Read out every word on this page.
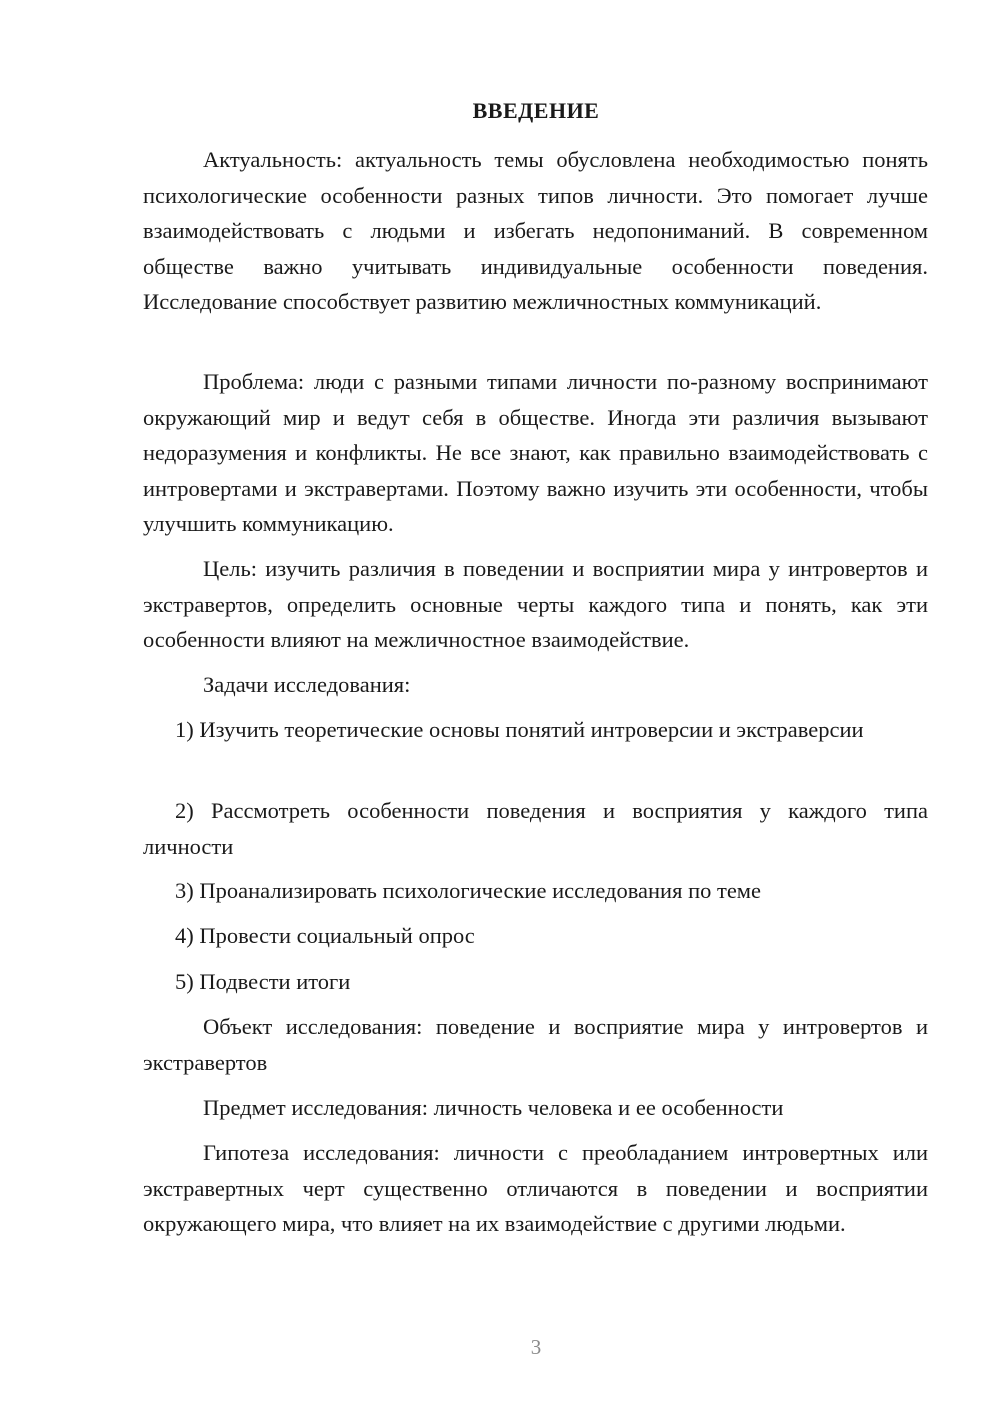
ВВЕДЕНИЕ
Актуальность: актуальность темы обусловлена необходимостью понять психологические особенности разных типов личности. Это помогает лучше взаимодействовать с людьми и избегать недопониманий. В современном обществе важно учитывать индивидуальные особенности поведения. Исследование способствует развитию межличностных коммуникаций.
Проблема: люди с разными типами личности по-разному воспринимают окружающий мир и ведут себя в обществе. Иногда эти различия вызывают недоразумения и конфликты. Не все знают, как правильно взаимодействовать с интровертами и экстравертами. Поэтому важно изучить эти особенности, чтобы улучшить коммуникацию.
Цель: изучить различия в поведении и восприятии мира у интровертов и экстравертов, определить основные черты каждого типа и понять, как эти особенности влияют на межличностное взаимодействие.
Задачи исследования:
1) Изучить теоретические основы понятий интроверсии и экстраверсии
2) Рассмотреть особенности поведения и восприятия у каждого типа личности
3) Проанализировать психологические исследования по теме
4) Провести социальный опрос
5) Подвести итоги
Объект исследования: поведение и восприятие мира у интровертов и экстравертов
Предмет исследования: личность человека и ее особенности
Гипотеза исследования: личности с преобладанием интровертных или экстравертных черт существенно отличаются в поведении и восприятии окружающего мира, что влияет на их взаимодействие с другими людьми.
3
